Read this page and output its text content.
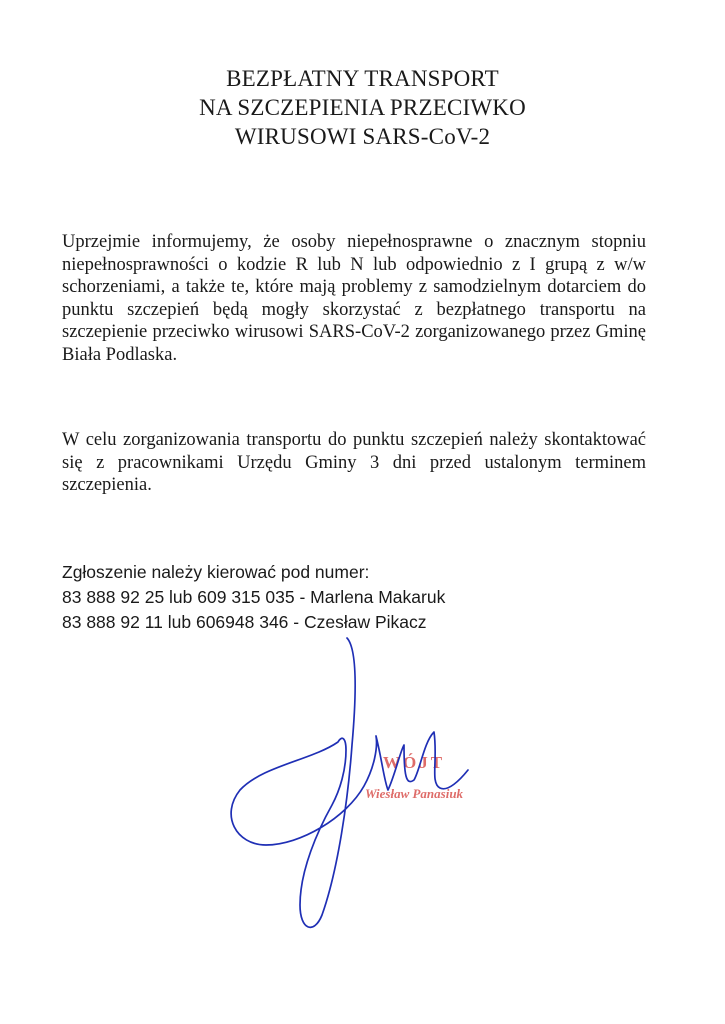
BEZPŁATNY TRANSPORT
NA SZCZEPIENIA PRZECIWKO
WIRUSOWI SARS-CoV-2

Uprzejmie informujemy, że osoby niepełnosprawne o znacznym stopniu niepełnosprawności o kodzie R lub N lub odpowiednio z I grupą z w/w schorzeniami, a także te, które mają problemy z samodzielnym dotarciem do punktu szczepień będą mogły skorzystać z bezpłatnego transportu na szczepienie przeciwko wirusowi SARS-CoV-2 zorganizowanego przez Gminę Biała Podlaska.

W celu zorganizowania transportu do punktu szczepień należy skontaktować się z pracownikami Urzędu Gminy 3 dni przed ustalonym terminem szczepienia.

Zgłoszenie należy kierować pod numer:
83 888 92 25 lub 609 315 035 - Marlena Makaruk
83 888 92 11 lub 606948 346 - Czesław Pikacz
WÓJT
Wiesław Panasiuk
